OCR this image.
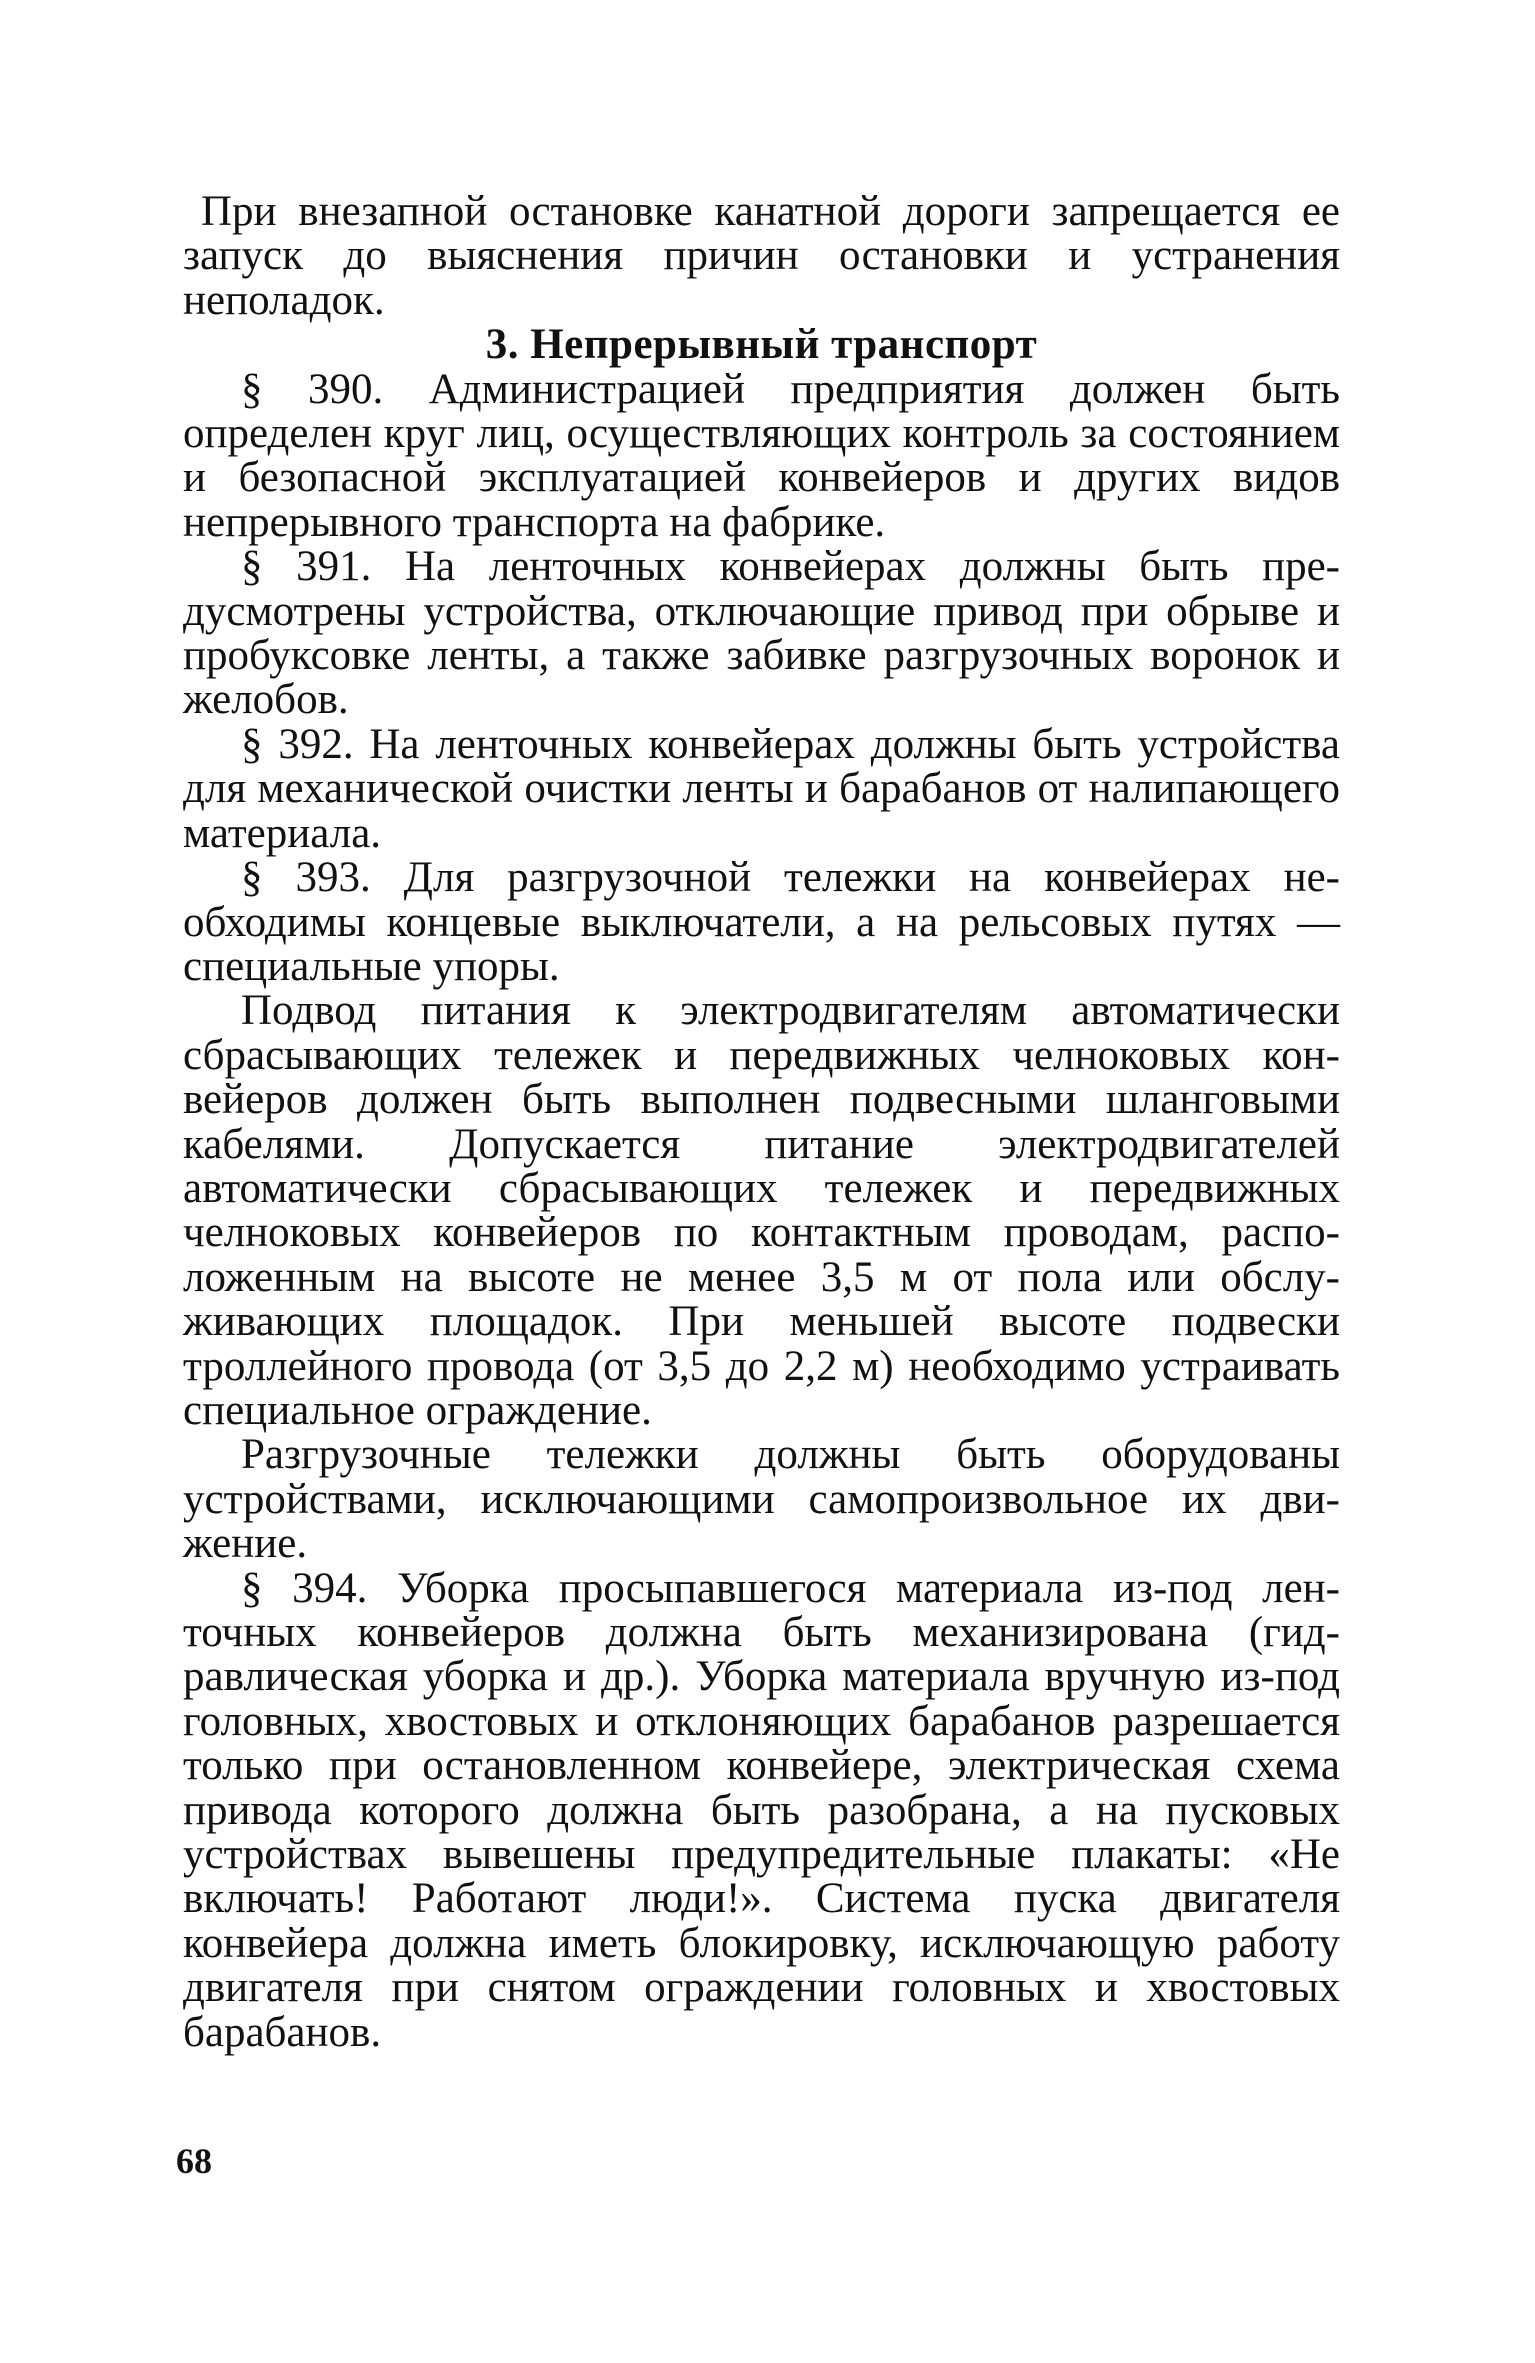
При внезапной остановке канатной дороги запрещается ее запуск до выяснения причин остановки и устранения неполадок.

3. Непрерывный транспорт

§ 390. Администрацией предприятия должен быть определен круг лиц, осуществляющих контроль за состоянием и безопасной эксплуатацией конвейеров и других видов непрерывного транспорта на фабрике.

§ 391. На ленточных конвейерах должны быть предусмотрены устройства, отключающие привод при обрыве и пробуксовке ленты, а также забивке разгрузочных воронок и желобов.

§ 392. На ленточных конвейерах должны быть устройства для механической очистки ленты и барабанов от налипающего материала.

§ 393. Для разгрузочной тележки на конвейерах необходимы концевые выключатели, а на рельсовых путях — специальные упоры.

Подвод питания к электродвигателям автоматически сбрасывающих тележек и передвижных челноковых конвейеров должен быть выполнен подвесными шланговыми кабелями. Допускается питание электродвигателей автоматически сбрасывающих тележек и передвижных челноковых конвейеров по контактным проводам, расположенным на высоте не менее 3,5 м от пола или обслуживающих площадок. При меньшей высоте подвески троллейного провода (от 3,5 до 2,2 м) необходимо устраивать специальное ограждение.

Разгрузочные тележки должны быть оборудованы устройствами, исключающими самопроизвольное их движение.

§ 394. Уборка просыпавшегося материала из-под ленточных конвейеров должна быть механизирована (гидравлическая уборка и др.). Уборка материала вручную из-под головных, хвостовых и отклоняющих барабанов разрешается только при остановленном конвейере, электрическая схема привода которого должна быть разобрана, а на пусковых устройствах вывешены предупредительные плакаты: «Не включать! Работают люди!». Система пуска двигателя конвейера должна иметь блокировку, исключающую работу двигателя при снятом ограждении головных и хвостовых барабанов.

68
